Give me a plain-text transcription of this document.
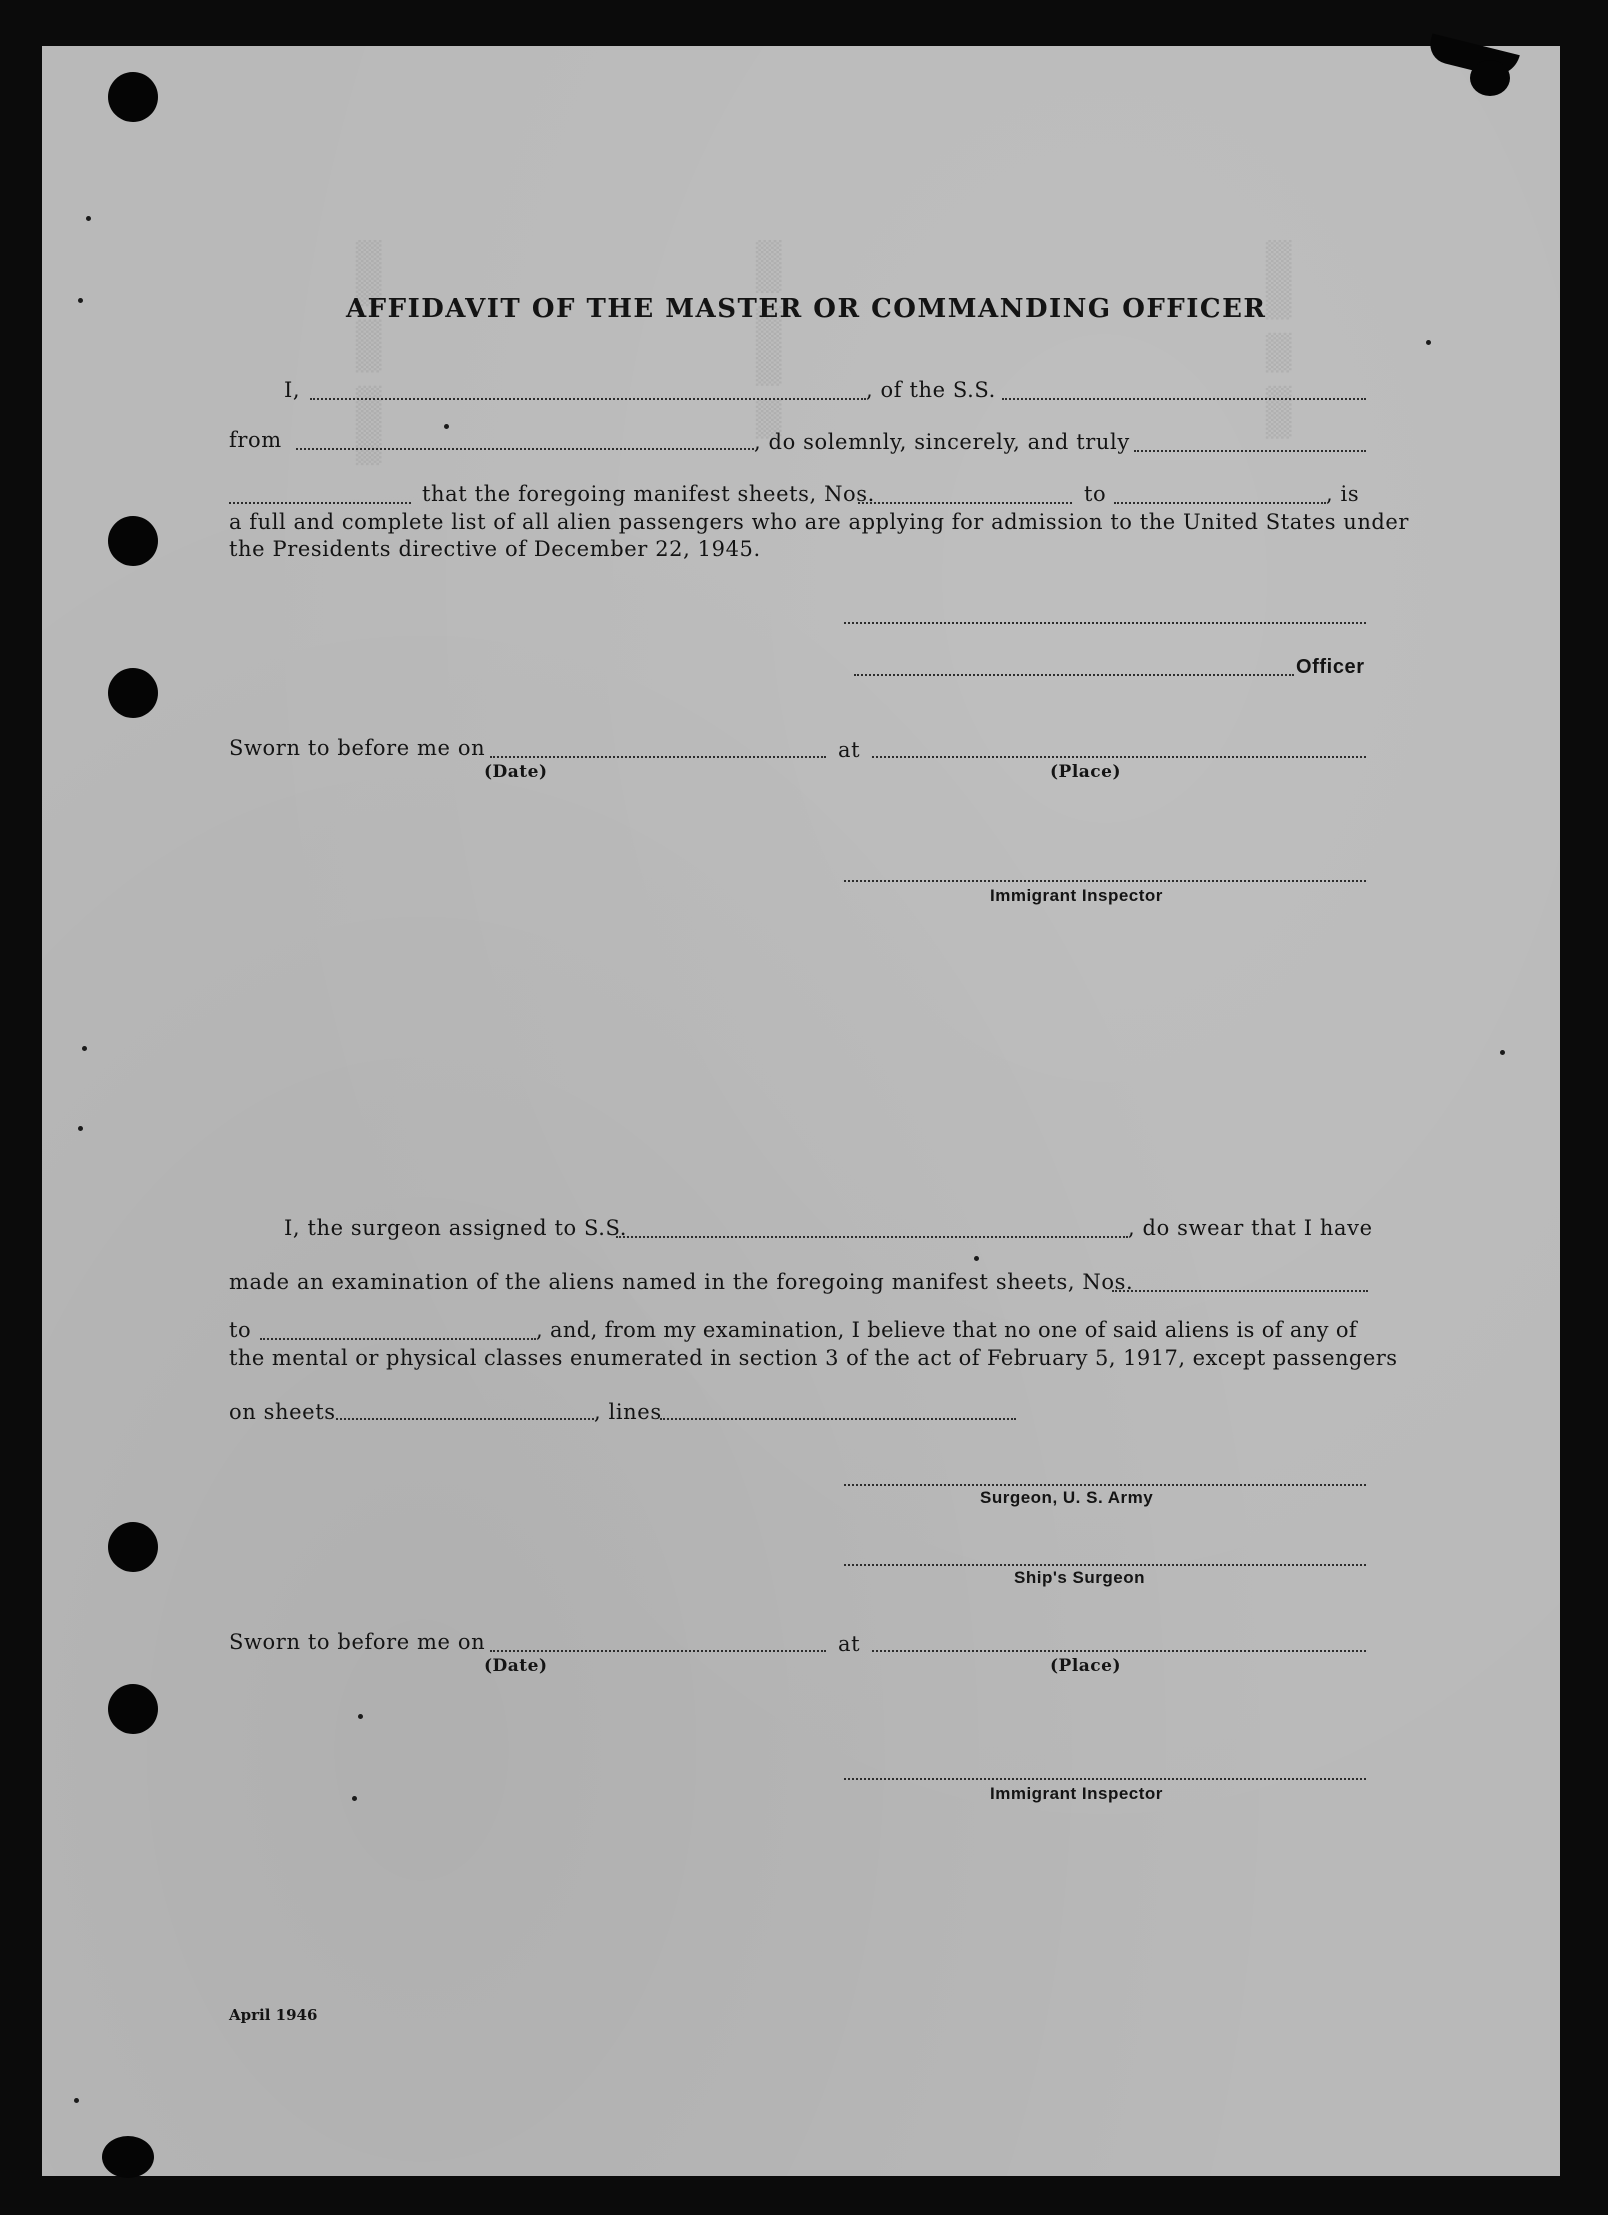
▒▒▒▒▒ ▒▒▒▒ ▒▒▒▒▒▒	▒▒▒▒ ▒▒▒▒▒▒ ▒▒▒	▒▒▒▒▒▒ ▒▒▒ ▒▒▒▒
AFFIDAVIT OF THE MASTER OR COMMANDING OFFICER
I,	, of the S.S.
from	, do solemnly, sincerely, and truly
that the foregoing manifest sheets, Nos.	to	, is
a full and complete list of all alien passengers who are applying for admission to the United States under
the Presidents directive of December 22, 1945.
Officer
Sworn to before me on	at
(Date)	(Place)
Immigrant Inspector
I, the surgeon assigned to S.S.	, do swear that I have
made an examination of the aliens named in the foregoing manifest sheets, Nos.
to	, and, from my examination, I believe that no one of said aliens is of any of
the mental or physical classes enumerated in section 3 of the act of February 5, 1917, except passengers
on sheets	, lines
Surgeon, U. S. Army
Ship's Surgeon
Sworn to before me on	at
(Date)	(Place)
Immigrant Inspector
April 1946
